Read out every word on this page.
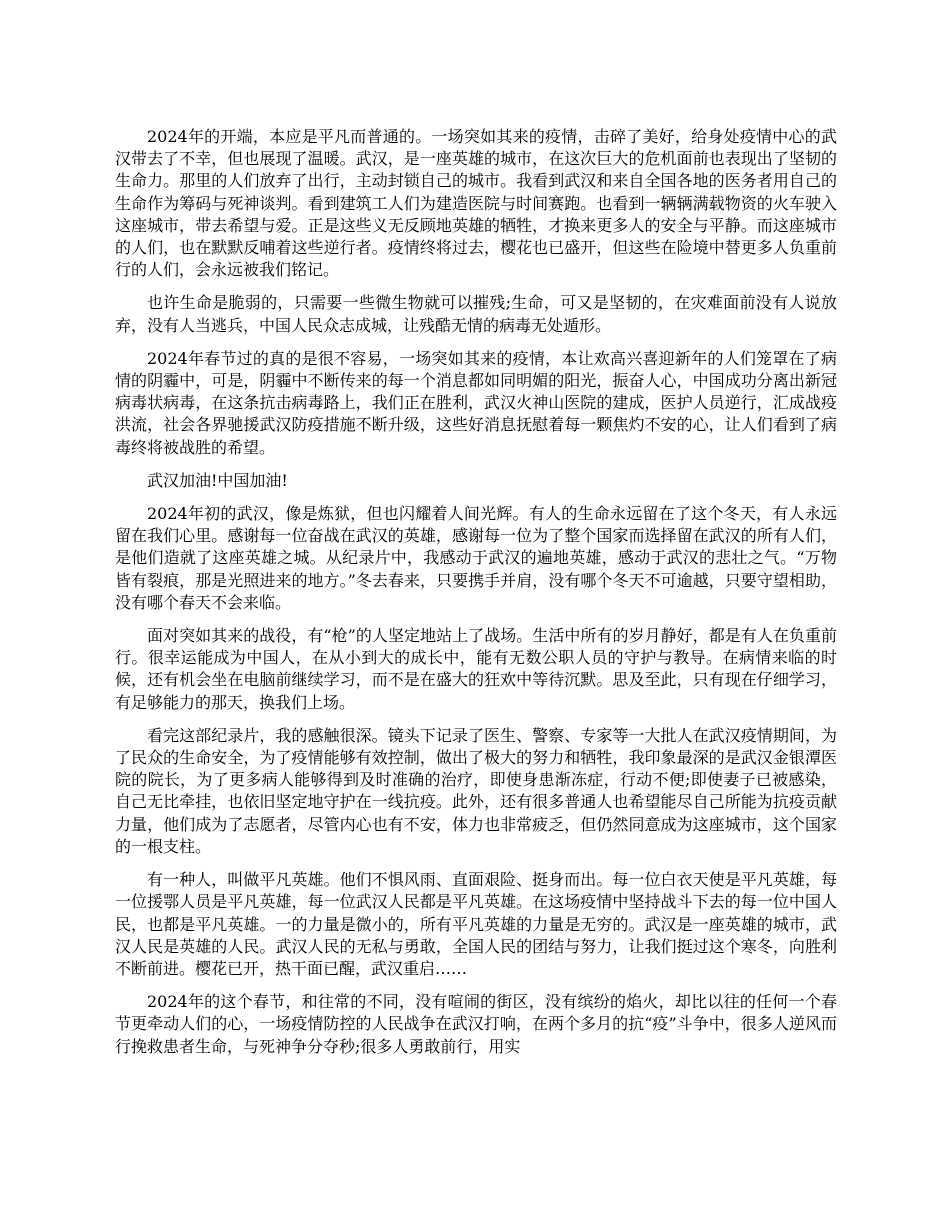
2024年的开端，本应是平凡而普通的。一场突如其来的疫情，击碎了美好，给身处疫情中心的武汉带去了不幸，但也展现了温暖。武汉，是一座英雄的城市，在这次巨大的危机面前也表现出了坚韧的生命力。那里的人们放弃了出行，主动封锁自己的城市。我看到武汉和来自全国各地的医务者用自己的生命作为筹码与死神谈判。看到建筑工人们为建造医院与时间赛跑。也看到一辆辆满载物资的火车驶入这座城市，带去希望与爱。正是这些义无反顾地英雄的牺牲，才换来更多人的安全与平静。而这座城市的人们，也在默默反哺着这些逆行者。疫情终将过去，樱花也已盛开，但这些在险境中替更多人负重前行的人们，会永远被我们铭记。

也许生命是脆弱的，只需要一些微生物就可以摧残;生命，可又是坚韧的，在灾难面前没有人说放弃，没有人当逃兵，中国人民众志成城，让残酷无情的病毒无处遁形。

2024年春节过的真的是很不容易，一场突如其来的疫情，本让欢高兴喜迎新年的人们笼罩在了病情的阴霾中，可是，阴霾中不断传来的每一个消息都如同明媚的阳光，振奋人心，中国成功分离出新冠病毒状病毒，在这条抗击病毒路上，我们正在胜利，武汉火神山医院的建成，医护人员逆行，汇成战疫洪流，社会各界驰援武汉防疫措施不断升级，这些好消息抚慰着每一颗焦灼不安的心，让人们看到了病毒终将被战胜的希望。

武汉加油!中国加油!

2024年初的武汉，像是炼狱，但也闪耀着人间光辉。有人的生命永远留在了这个冬天，有人永远留在我们心里。感谢每一位奋战在武汉的英雄，感谢每一位为了整个国家而选择留在武汉的所有人们，是他们造就了这座英雄之城。从纪录片中，我感动于武汉的遍地英雄，感动于武汉的悲壮之气。“万物皆有裂痕，那是光照进来的地方。”冬去春来，只要携手并肩，没有哪个冬天不可逾越，只要守望相助，没有哪个春天不会来临。

面对突如其来的战役，有“枪”的人坚定地站上了战场。生活中所有的岁月静好，都是有人在负重前行。很幸运能成为中国人，在从小到大的成长中，能有无数公职人员的守护与教导。在病情来临的时候，还有机会坐在电脑前继续学习，而不是在盛大的狂欢中等待沉默。思及至此，只有现在仔细学习，有足够能力的那天，换我们上场。

看完这部纪录片，我的感触很深。镜头下记录了医生、警察、专家等一大批人在武汉疫情期间，为了民众的生命安全，为了疫情能够有效控制，做出了极大的努力和牺牲，我印象最深的是武汉金银潭医院的院长，为了更多病人能够得到及时准确的治疗，即使身患渐冻症，行动不便;即使妻子已被感染，自己无比牵挂，也依旧坚定地守护在一线抗疫。此外，还有很多普通人也希望能尽自己所能为抗疫贡献力量，他们成为了志愿者，尽管内心也有不安，体力也非常疲乏，但仍然同意成为这座城市，这个国家的一根支柱。

有一种人，叫做平凡英雄。他们不惧风雨、直面艰险、挺身而出。每一位白衣天使是平凡英雄，每一位援鄂人员是平凡英雄，每一位武汉人民都是平凡英雄。在这场疫情中坚持战斗下去的每一位中国人民，也都是平凡英雄。一的力量是微小的，所有平凡英雄的力量是无穷的。武汉是一座英雄的城市，武汉人民是英雄的人民。武汉人民的无私与勇敢，全国人民的团结与努力，让我们挺过这个寒冬，向胜利不断前进。樱花已开，热干面已醒，武汉重启……

2024年的这个春节，和往常的不同，没有喧闹的街区，没有缤纷的焰火，却比以往的任何一个春节更牵动人们的心，一场疫情防控的人民战争在武汉打响，在两个多月的抗“疫”斗争中，很多人逆风而行挽救患者生命，与死神争分夺秒;很多人勇敢前行，用实
